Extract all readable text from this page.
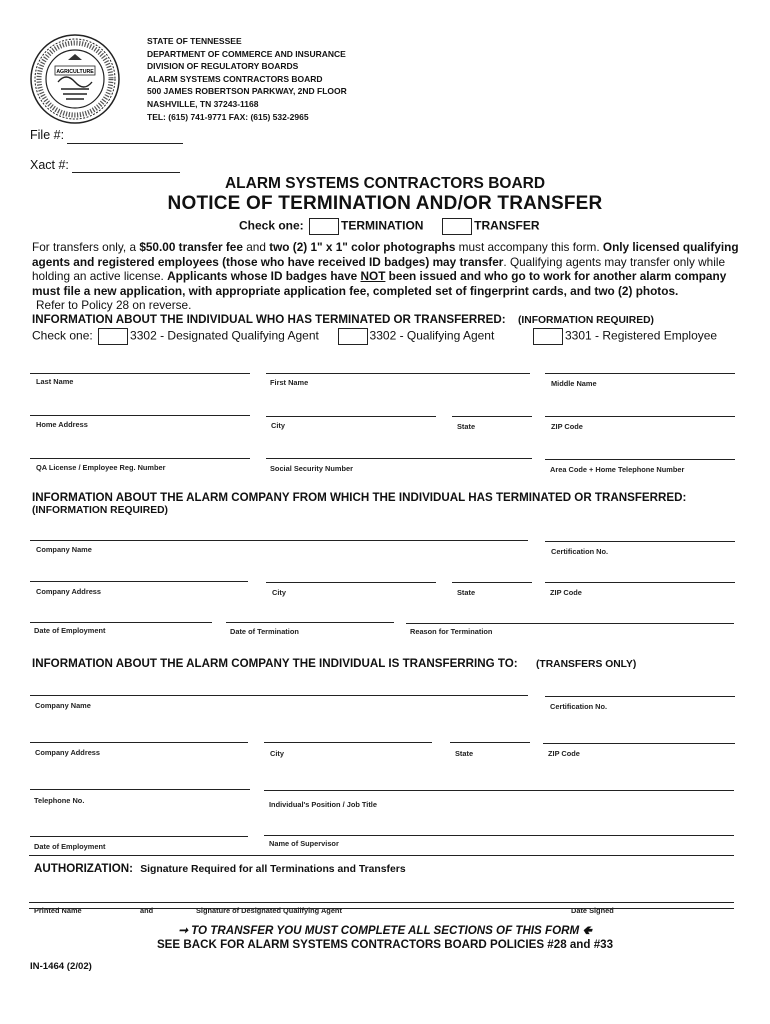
AGRICULTURE
STATE OF TENNESSEE
DEPARTMENT OF COMMERCE AND INSURANCE
DIVISION OF REGULATORY BOARDS
ALARM SYSTEMS CONTRACTORS BOARD
500 JAMES ROBERTSON PARKWAY, 2ND FLOOR
NASHVILLE, TN 37243-1168
TEL: (615) 741-9771 FAX: (615) 532-2965
File #:
Xact #:
ALARM SYSTEMS CONTRACTORS BOARD
NOTICE OF TERMINATION AND/OR TRANSFER
Check one:	TERMINATION	TRANSFER
For transfers only, a $50.00 transfer fee and two (2) 1" x 1" color photographs must accompany this form. Only licensed qualifying agents and registered employees (those who have received ID badges) may transfer. Qualifying agents may transfer only while holding an active license. Applicants whose ID badges have NOT been issued and who go to work for another alarm company must file a new application, with appropriate application fee, completed set of fingerprint cards, and two (2) photos.
Refer to Policy 28 on reverse.
INFORMATION ABOUT THE INDIVIDUAL WHO HAS TERMINATED OR TRANSFERRED: (INFORMATION REQUIRED)
Check one:	3302 - Designated Qualifying Agent	3302 - Qualifying Agent	3301 - Registered Employee
Last Name	First Name	Middle Name
Home Address	City	State	ZIP Code
QA License / Employee Reg. Number	Social Security Number	Area Code + Home Telephone Number
INFORMATION ABOUT THE ALARM COMPANY FROM WHICH THE INDIVIDUAL HAS TERMINATED OR TRANSFERRED:
(INFORMATION REQUIRED)
Company Name	Certification No.
Company Address	City	State	ZIP Code
Date of Employment	Date of Termination	Reason for Termination
INFORMATION ABOUT THE ALARM COMPANY THE INDIVIDUAL IS TRANSFERRING TO: (TRANSFERS ONLY)
Company Name	Certification No.
Company Address	City	State	ZIP Code
Telephone No.	Individual's Position / Job Title
Date of Employment	Name of Supervisor
AUTHORIZATION: Signature Required for all Terminations and Transfers
Printed Name	and	Signature of Designated Qualifying Agent	Date Signed
➞ TO TRANSFER YOU MUST COMPLETE ALL SECTIONS OF THIS FORM 🢀
SEE BACK FOR ALARM SYSTEMS CONTRACTORS BOARD POLICIES #28 and #33
IN-1464 (2/02)
